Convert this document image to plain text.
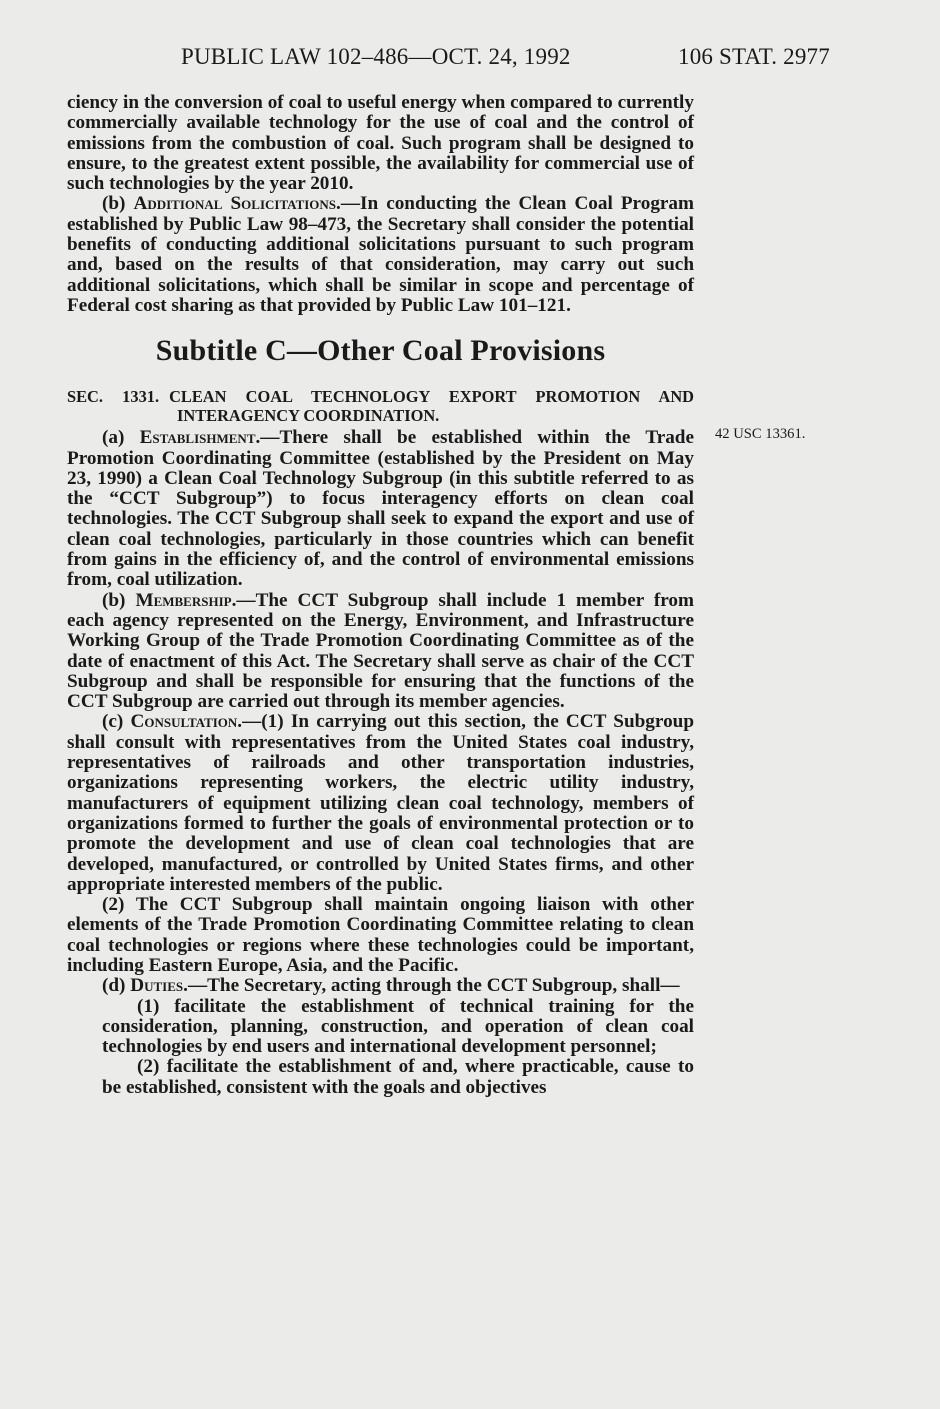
PUBLIC LAW 102–486—OCT. 24, 1992	106 STAT. 2977
42 USC 13361.

ciency in the conversion of coal to useful energy when compared to currently commercially available technology for the use of coal and the control of emissions from the combustion of coal. Such program shall be designed to ensure, to the greatest extent possible, the availability for commercial use of such technologies by the year 2010.

(b) Additional Solicitations.—In conducting the Clean Coal Program established by Public Law 98–473, the Secretary shall consider the potential benefits of conducting additional solicitations pursuant to such program and, based on the results of that consideration, may carry out such additional solicitations, which shall be similar in scope and percentage of Federal cost sharing as that provided by Public Law 101–121.

Subtitle C—Other Coal Provisions
SEC. 1331. CLEAN COAL TECHNOLOGY EXPORT PROMOTION AND INTERAGENCY COORDINATION.

(a) Establishment.—There shall be established within the Trade Promotion Coordinating Committee (established by the President on May 23, 1990) a Clean Coal Technology Subgroup (in this subtitle referred to as the “CCT Subgroup”) to focus interagency efforts on clean coal technologies. The CCT Subgroup shall seek to expand the export and use of clean coal technologies, particularly in those countries which can benefit from gains in the efficiency of, and the control of environmental emissions from, coal utilization.

(b) Membership.—The CCT Subgroup shall include 1 member from each agency represented on the Energy, Environment, and Infrastructure Working Group of the Trade Promotion Coordinating Committee as of the date of enactment of this Act. The Secretary shall serve as chair of the CCT Subgroup and shall be responsible for ensuring that the functions of the CCT Subgroup are carried out through its member agencies.

(c) Consultation.—(1) In carrying out this section, the CCT Subgroup shall consult with representatives from the United States coal industry, representatives of railroads and other transportation industries, organizations representing workers, the electric utility industry, manufacturers of equipment utilizing clean coal technology, members of organizations formed to further the goals of environmental protection or to promote the development and use of clean coal technologies that are developed, manufactured, or controlled by United States firms, and other appropriate interested members of the public.

(2) The CCT Subgroup shall maintain ongoing liaison with other elements of the Trade Promotion Coordinating Committee relating to clean coal technologies or regions where these technologies could be important, including Eastern Europe, Asia, and the Pacific.

(d) Duties.—The Secretary, acting through the CCT Subgroup, shall—

(1) facilitate the establishment of technical training for the consideration, planning, construction, and operation of clean coal technologies by end users and international development personnel;

(2) facilitate the establishment of and, where practicable, cause to be established, consistent with the goals and objectives
